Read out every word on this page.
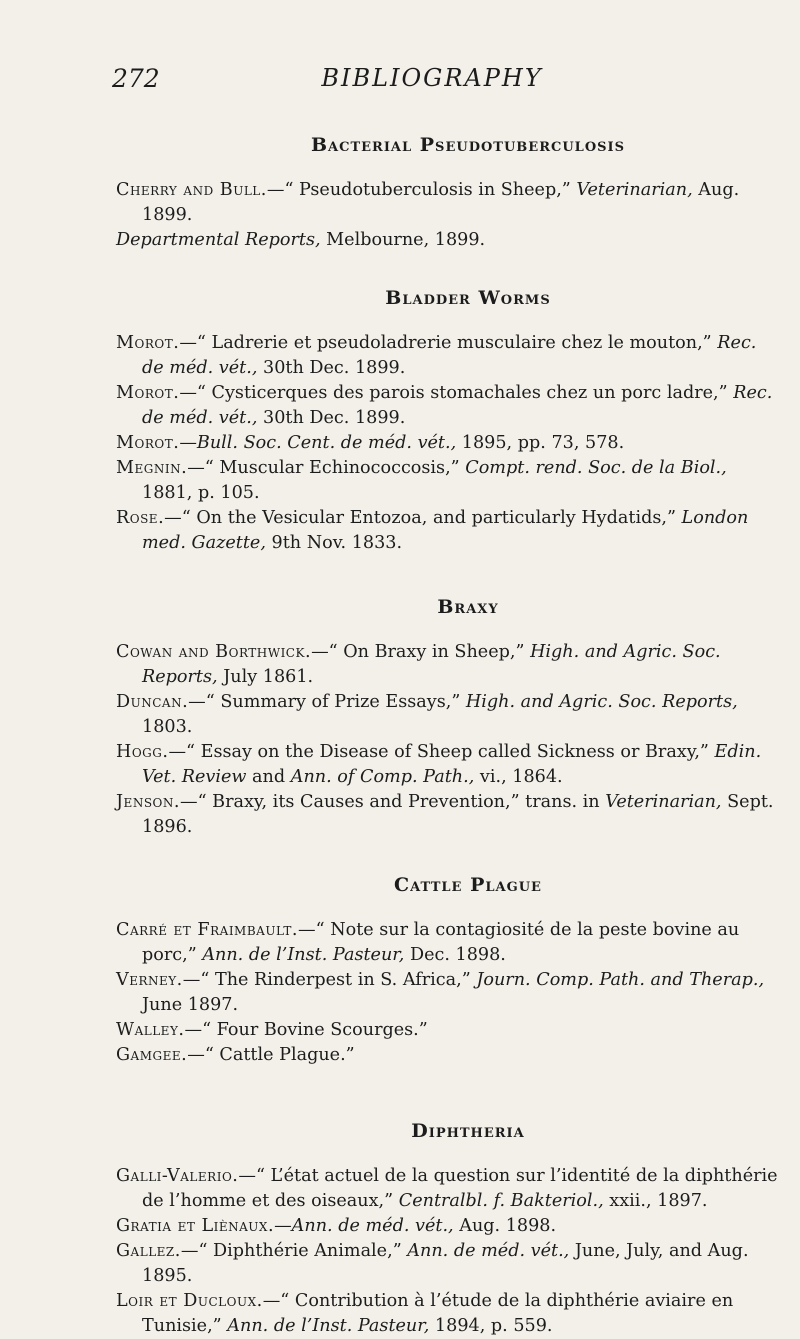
272	BIBLIOGRAPHY
Bacterial Pseudotuberculosis

Cherry and Bull.—“ Pseudotuberculosis in Sheep,” Veterinarian, Aug. 1899.

Departmental Reports, Melbourne, 1899.

Bladder Worms

Morot.—“ Ladrerie et pseudoladrerie musculaire chez le mouton,” Rec. de méd. vét., 30th Dec. 1899.

Morot.—“ Cysticerques des parois stomachales chez un porc ladre,” Rec. de méd. vét., 30th Dec. 1899.

Morot.—Bull. Soc. Cent. de méd. vét., 1895, pp. 73, 578.

Megnin.—“ Muscular Echinococcosis,” Compt. rend. Soc. de la Biol., 1881, p. 105.

Rose.—“ On the Vesicular Entozoa, and particularly Hydatids,” London med. Gazette, 9th Nov. 1833.

Braxy

Cowan and Borthwick.—“ On Braxy in Sheep,” High. and Agric. Soc. Reports, July 1861.

Duncan.—“ Summary of Prize Essays,” High. and Agric. Soc. Reports, 1803.

Hogg.—“ Essay on the Disease of Sheep called Sickness or Braxy,” Edin. Vet. Review and Ann. of Comp. Path., vi., 1864.

Jenson.—“ Braxy, its Causes and Prevention,” trans. in Veterinarian, Sept. 1896.

Cattle Plague

Carré et Fraimbault.—“ Note sur la contagiosité de la peste bovine au porc,” Ann. de l’Inst. Pasteur, Dec. 1898.

Verney.—“ The Rinderpest in S. Africa,” Journ. Comp. Path. and Therap., June 1897.

Walley.—“ Four Bovine Scourges.”

Gamgee.—“ Cattle Plague.”

Diphtheria

Galli-Valerio.—“ L’état actuel de la question sur l’identité de la diphthérie de l’homme et des oiseaux,” Centralbl. f. Bakteriol., xxii., 1897.

Gratia et Liènaux.—Ann. de méd. vét., Aug. 1898.

Gallez.—“ Diphthérie Animale,” Ann. de méd. vét., June, July, and Aug. 1895.

Loir et Ducloux.—“ Contribution à l’étude de la diphthérie aviaire en Tunisie,” Ann. de l’Inst. Pasteur, 1894, p. 559.
